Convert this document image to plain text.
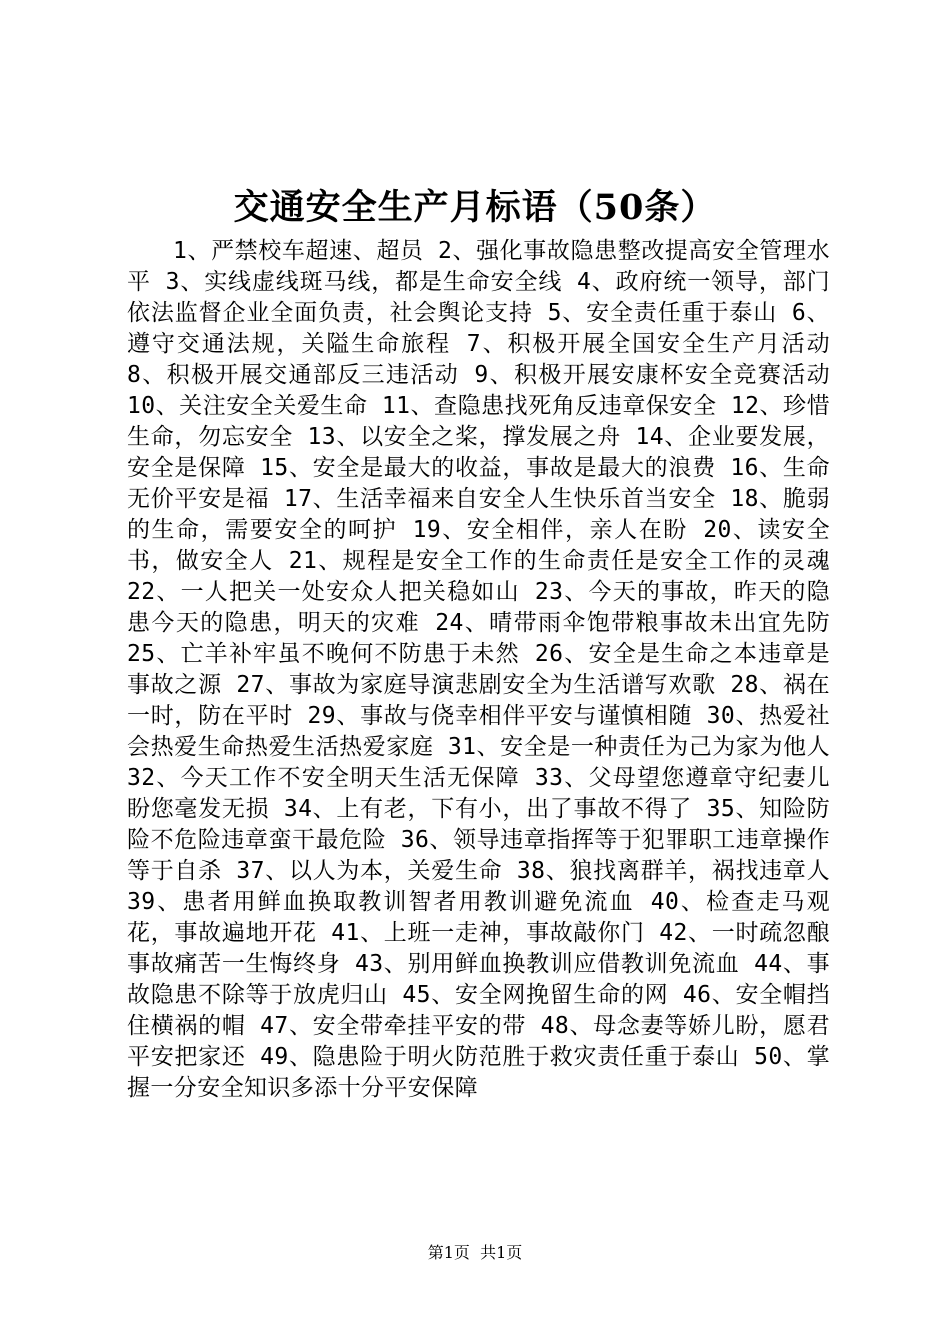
交通安全生产月标语（50条）

1、严禁校车超速、超员 2、强化事故隐患整改提高安全管理水平 3、实线虚线斑马线，都是生命安全线 4、政府统一领导，部门依法监督企业全面负责，社会舆论支持 5、安全责任重于泰山 6、遵守交通法规，关隘生命旅程 7、积极开展全国安全生产月活动 8、积极开展交通部反三违活动 9、积极开展安康杯安全竞赛活动 10、关注安全关爱生命 11、查隐患找死角反违章保安全 12、珍惜生命，勿忘安全 13、以安全之桨，撑发展之舟 14、企业要发展，安全是保障 15、安全是最大的收益，事故是最大的浪费 16、生命无价平安是福 17、生活幸福来自安全人生快乐首当安全 18、脆弱的生命，需要安全的呵护 19、安全相伴，亲人在盼 20、读安全书，做安全人 21、规程是安全工作的生命责任是安全工作的灵魂 22、一人把关一处安众人把关稳如山 23、今天的事故，昨天的隐患今天的隐患，明天的灾难 24、晴带雨伞饱带粮事故未出宜先防 25、亡羊补牢虽不晚何不防患于未然 26、安全是生命之本违章是事故之源 27、事故为家庭导演悲剧安全为生活谱写欢歌 28、祸在一时，防在平时 29、事故与侥幸相伴平安与谨慎相随 30、热爱社会热爱生命热爱生活热爱家庭 31、安全是一种责任为己为家为他人 32、今天工作不安全明天生活无保障 33、父母望您遵章守纪妻儿盼您毫发无损 34、上有老，下有小，出了事故不得了 35、知险防险不危险违章蛮干最危险 36、领导违章指挥等于犯罪职工违章操作等于自杀 37、以人为本，关爱生命 38、狼找离群羊，祸找违章人 39、患者用鲜血换取教训智者用教训避免流血 40、检查走马观花，事故遍地开花 41、上班一走神，事故敲你门 42、一时疏忽酿事故痛苦一生悔终身 43、别用鲜血换教训应借教训免流血 44、事故隐患不除等于放虎归山 45、安全网挽留生命的网 46、安全帽挡住横祸的帽 47、安全带牵挂平安的带 48、母念妻等娇儿盼，愿君平安把家还 49、隐患险于明火防范胜于救灾责任重于泰山 50、掌握一分安全知识多添十分平安保障

第1页 共1页
